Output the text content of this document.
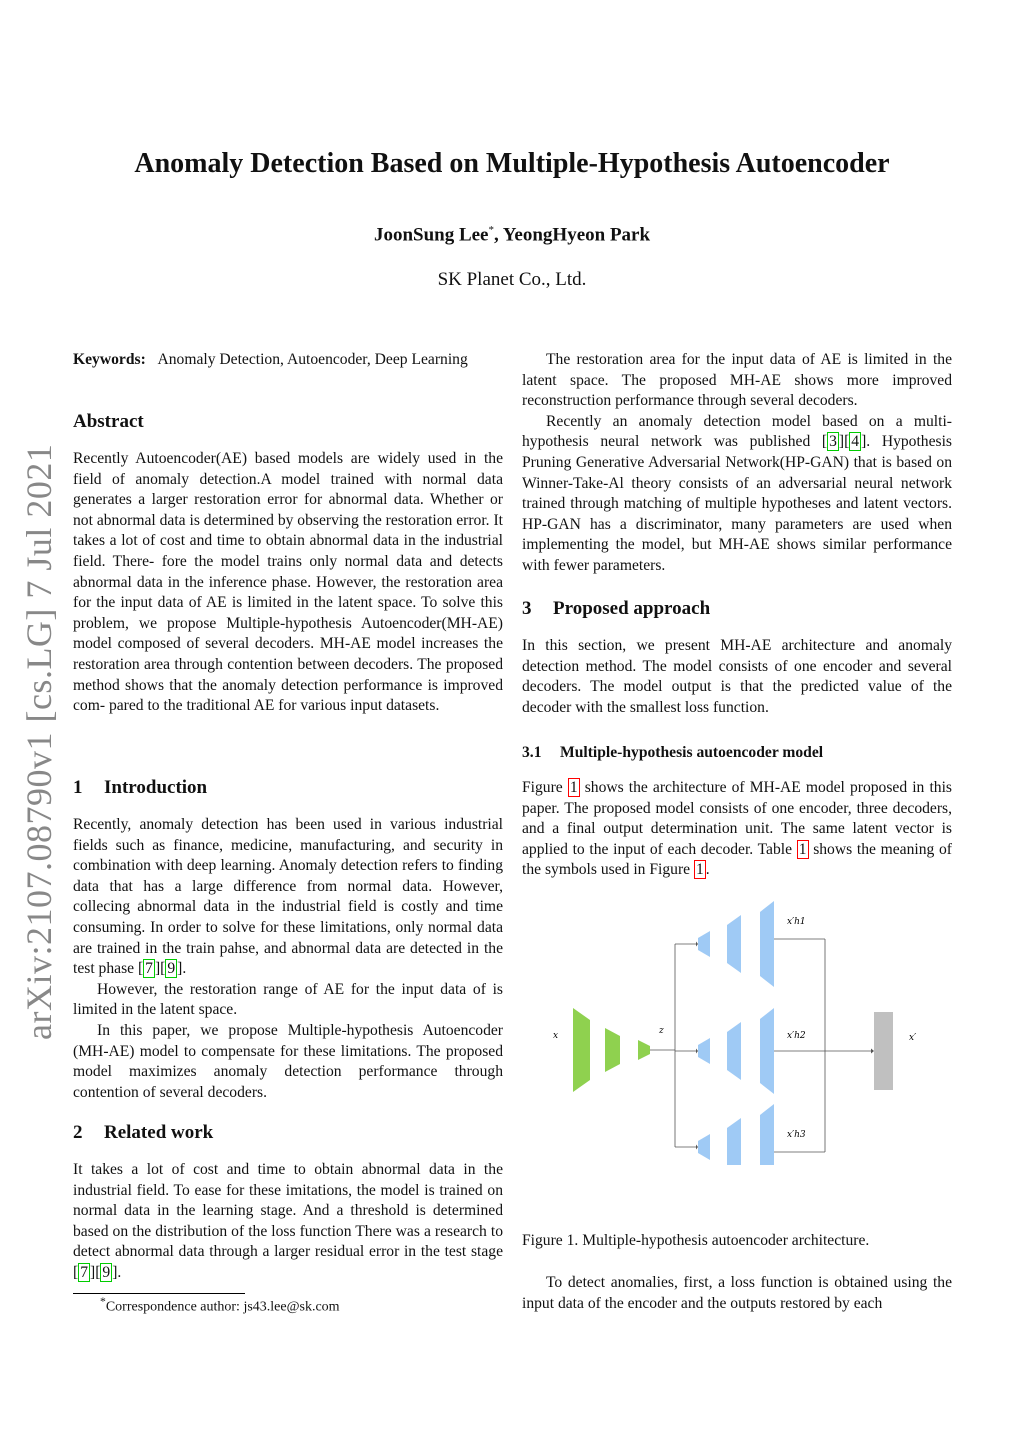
arXiv:2107.08790v1 [cs.LG] 7 Jul 2021
Anomaly Detection Based on Multiple-Hypothesis Autoencoder
JoonSung Lee*, YeongHyeon Park
SK Planet Co., Ltd.

Keywords: Anomaly Detection, Autoencoder, Deep Learning

Abstract

Recently Autoencoder(AE) based models are widely used in the field of anomaly detection.A model trained with normal data generates a larger restoration error for abnormal data. Whether or not abnormal data is determined by observing the restoration error. It takes a lot of cost and time to obtain abnormal data in the industrial field. There- fore the model trains only normal data and detects abnormal data in the inference phase. However, the restoration area for the input data of AE is limited in the latent space. To solve this problem, we propose Multiple-hypothesis Autoencoder(MH-AE) model composed of several decoders. MH-AE model increases the restoration area through contention between decoders. The proposed method shows that the anomaly detection performance is improved com- pared to the traditional AE for various input datasets.

1 Introduction

Recently, anomaly detection has been used in various industrial fields such as finance, medicine, manufacturing, and security in combination with deep learning. Anomaly detection refers to finding data that has a large difference from normal data. However, collecing abnormal data in the industrial field is costly and time consuming. In order to solve for these limitations, only normal data are trained in the train pahse, and abnormal data are detected in the test phase [ 7 ][ 9 ].

However, the restoration range of AE for the input data of is limited in the latent space.

In this paper, we propose Multiple-hypothesis Autoencoder (MH-AE) model to compensate for these limitations. The proposed model maximizes anomaly detection performance through contention of several decoders.

2 Related work

It takes a lot of cost and time to obtain abnormal data in the industrial field. To ease for these imitations, the model is trained on normal data in the learning stage. And a threshold is determined based on the distribution of the loss function There was a research to detect abnormal data through a larger residual error in the test stage [ 7 ][ 9 ].

*Correspondence author: js43.lee@sk.com

The restoration area for the input data of AE is limited in the latent space. The proposed MH-AE shows more improved reconstruction performance through several decoders.

Recently an anomaly detection model based on a multi-hypothesis neural network was published [ 3 ][ 4 ]. Hypothesis Pruning Generative Adversarial Network(HP-GAN) that is based on Winner-Take-Al theory consists of an adversarial neural network trained through matching of multiple hypotheses and latent vectors. HP-GAN has a discriminator, many parameters are used when implementing the model, but MH-AE shows similar performance with fewer parameters.

3 Proposed approach

In this section, we present MH-AE architecture and anomaly detection method. The model consists of one encoder and several decoders. The model output is that the predicted value of the decoder with the smallest loss function.

3.1 Multiple-hypothesis autoencoder model

Figure 1 shows the architecture of MH-AE model proposed in this paper. The proposed model consists of one encoder, three decoders, and a final output determination unit. The same latent vector is applied to the input of each decoder. Table 1 shows the meaning of the symbols used in Figure 1 .

x	z
x′h1
x′h2
x′h3
x′

Figure 1. Multiple-hypothesis autoencoder architecture.

To detect anomalies, first, a loss function is obtained using the input data of the encoder and the outputs restored by each
